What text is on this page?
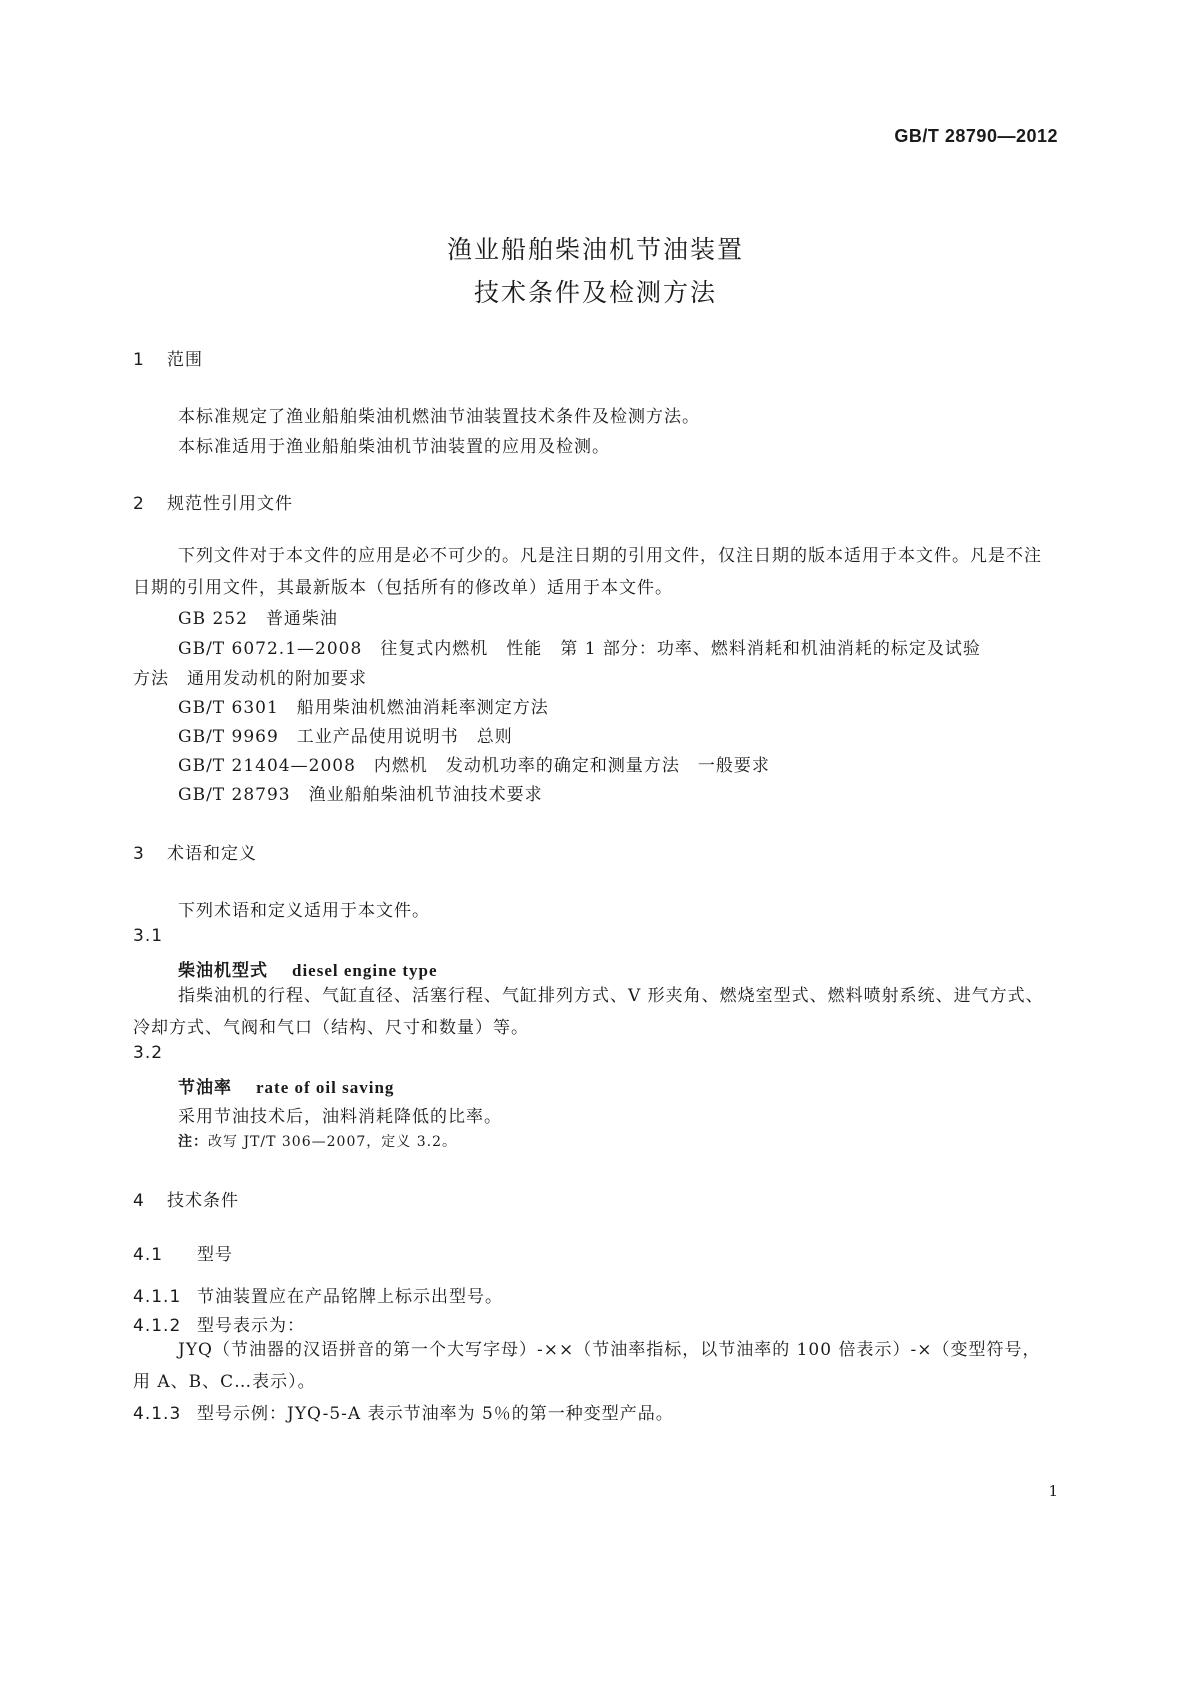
GB/T 28790—2012
渔业船舶柴油机节油装置
技术条件及检测方法
1 范围
本标准规定了渔业船舶柴油机燃油节油装置技术条件及检测方法。
本标准适用于渔业船舶柴油机节油装置的应用及检测。
2 规范性引用文件
下列文件对于本文件的应用是必不可少的。凡是注日期的引用文件，仅注日期的版本适用于本文件。凡是不注日期的引用文件，其最新版本（包括所有的修改单）适用于本文件。
GB 252　普通柴油
GB/T 6072.1—2008　往复式内燃机　性能　第 1 部分：功率、燃料消耗和机油消耗的标定及试验
方法　通用发动机的附加要求
GB/T 6301　船用柴油机燃油消耗率测定方法
GB/T 9969　工业产品使用说明书　总则
GB/T 21404—2008　内燃机　发动机功率的确定和测量方法　一般要求
GB/T 28793　渔业船舶柴油机节油技术要求
3 术语和定义
下列术语和定义适用于本文件。
3.1
柴油机型式 diesel engine type
指柴油机的行程、气缸直径、活塞行程、气缸排列方式、V 形夹角、燃烧室型式、燃料喷射系统、进气方式、冷却方式、气阀和气口（结构、尺寸和数量）等。
3.2
节油率 rate of oil saving
采用节油技术后，油料消耗降低的比率。
注：改写 JT/T 306—2007，定义 3.2。
4 技术条件
4.1 型号
4.1.1 节油装置应在产品铭牌上标示出型号。
4.1.2 型号表示为：
JYQ（节油器的汉语拼音的第一个大写字母）-××（节油率指标，以节油率的 100 倍表示）-×（变型符号，用 A、B、C…表示）。
4.1.3 型号示例：JYQ-5-A 表示节油率为 5％的第一种变型产品。
1
